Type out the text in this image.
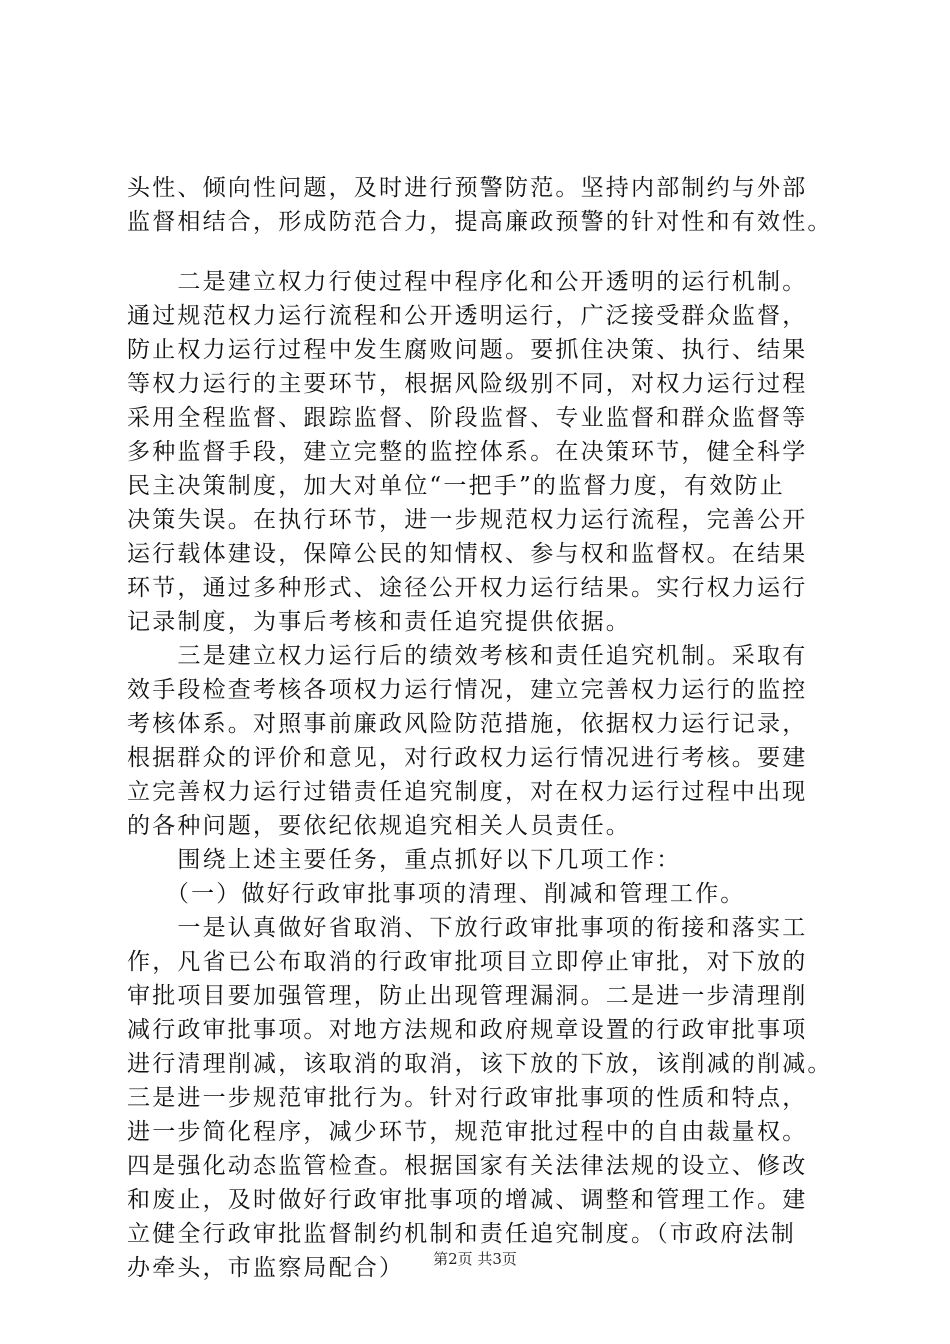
头性、倾向性问题，及时进行预警防范。坚持内部制约与外部
监督相结合，形成防范合力，提高廉政预警的针对性和有效性。
　　二是建立权力行使过程中程序化和公开透明的运行机制。
通过规范权力运行流程和公开透明运行，广泛接受群众监督，
防止权力运行过程中发生腐败问题。要抓住决策、执行、结果
等权力运行的主要环节，根据风险级别不同，对权力运行过程
采用全程监督、跟踪监督、阶段监督、专业监督和群众监督等
多种监督手段，建立完整的监控体系。在决策环节，健全科学
民主决策制度，加大对单位“一把手”的监督力度，有效防止
决策失误。在执行环节，进一步规范权力运行流程，完善公开
运行载体建设，保障公民的知情权、参与权和监督权。在结果
环节，通过多种形式、途径公开权力运行结果。实行权力运行
记录制度，为事后考核和责任追究提供依据。
　　三是建立权力运行后的绩效考核和责任追究机制。采取有
效手段检查考核各项权力运行情况，建立完善权力运行的监控
考核体系。对照事前廉政风险防范措施，依据权力运行记录，
根据群众的评价和意见，对行政权力运行情况进行考核。要建
立完善权力运行过错责任追究制度，对在权力运行过程中出现
的各种问题，要依纪依规追究相关人员责任。
　　围绕上述主要任务，重点抓好以下几项工作：
　　（一）做好行政审批事项的清理、削减和管理工作。
　　一是认真做好省取消、下放行政审批事项的衔接和落实工
作，凡省已公布取消的行政审批项目立即停止审批，对下放的
审批项目要加强管理，防止出现管理漏洞。二是进一步清理削
减行政审批事项。对地方法规和政府规章设置的行政审批事项
进行清理削减，该取消的取消，该下放的下放，该削减的削减。
三是进一步规范审批行为。针对行政审批事项的性质和特点，
进一步简化程序，减少环节，规范审批过程中的自由裁量权。
四是强化动态监管检查。根据国家有关法律法规的设立、修改
和废止，及时做好行政审批事项的增减、调整和管理工作。建
立健全行政审批监督制约机制和责任追究制度。（市政府法制
办牵头，市监察局配合）	第2页 共3页
